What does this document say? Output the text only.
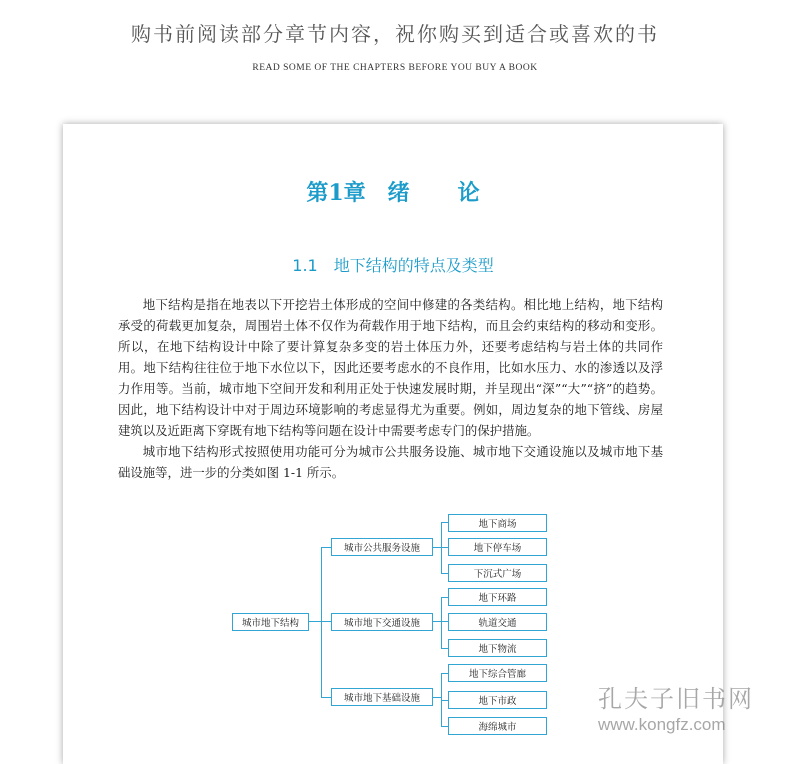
购书前阅读部分章节内容，祝你购买到适合或喜欢的书
READ SOME OF THE CHAPTERS BEFORE YOU BUY A BOOK
第1章 绪 论
1.1 地下结构的特点及类型

地下结构是指在地表以下开挖岩土体形成的空间中修建的各类结构。相比地上结构，地下结构承受的荷载更加复杂，周围岩土体不仅作为荷载作用于地下结构，而且会约束结构的移动和变形。所以，在地下结构设计中除了要计算复杂多变的岩土体压力外，还要考虑结构与岩土体的共同作用。地下结构往往位于地下水位以下，因此还要考虑水的不良作用，比如水压力、水的渗透以及浮力作用等。当前，城市地下空间开发和利用正处于快速发展时期，并呈现出“深”“大”“挤”的趋势。因此，地下结构设计中对于周边环境影响的考虑显得尤为重要。例如，周边复杂的地下管线、房屋建筑以及近距离下穿既有地下结构等问题在设计中需要考虑专门的保护措施。

城市地下结构形式按照使用功能可分为城市公共服务设施、城市地下交通设施以及城市地下基础设施等，进一步的分类如图 1-1 所示。

城市地下结构
城市公共服务设施
城市地下交通设施
城市地下基础设施
地下商场
地下停车场
下沉式广场
地下环路
轨道交通
地下物流
地下综合管廊
地下市政
海绵城市
孔夫子旧书网
www.kongfz.com
